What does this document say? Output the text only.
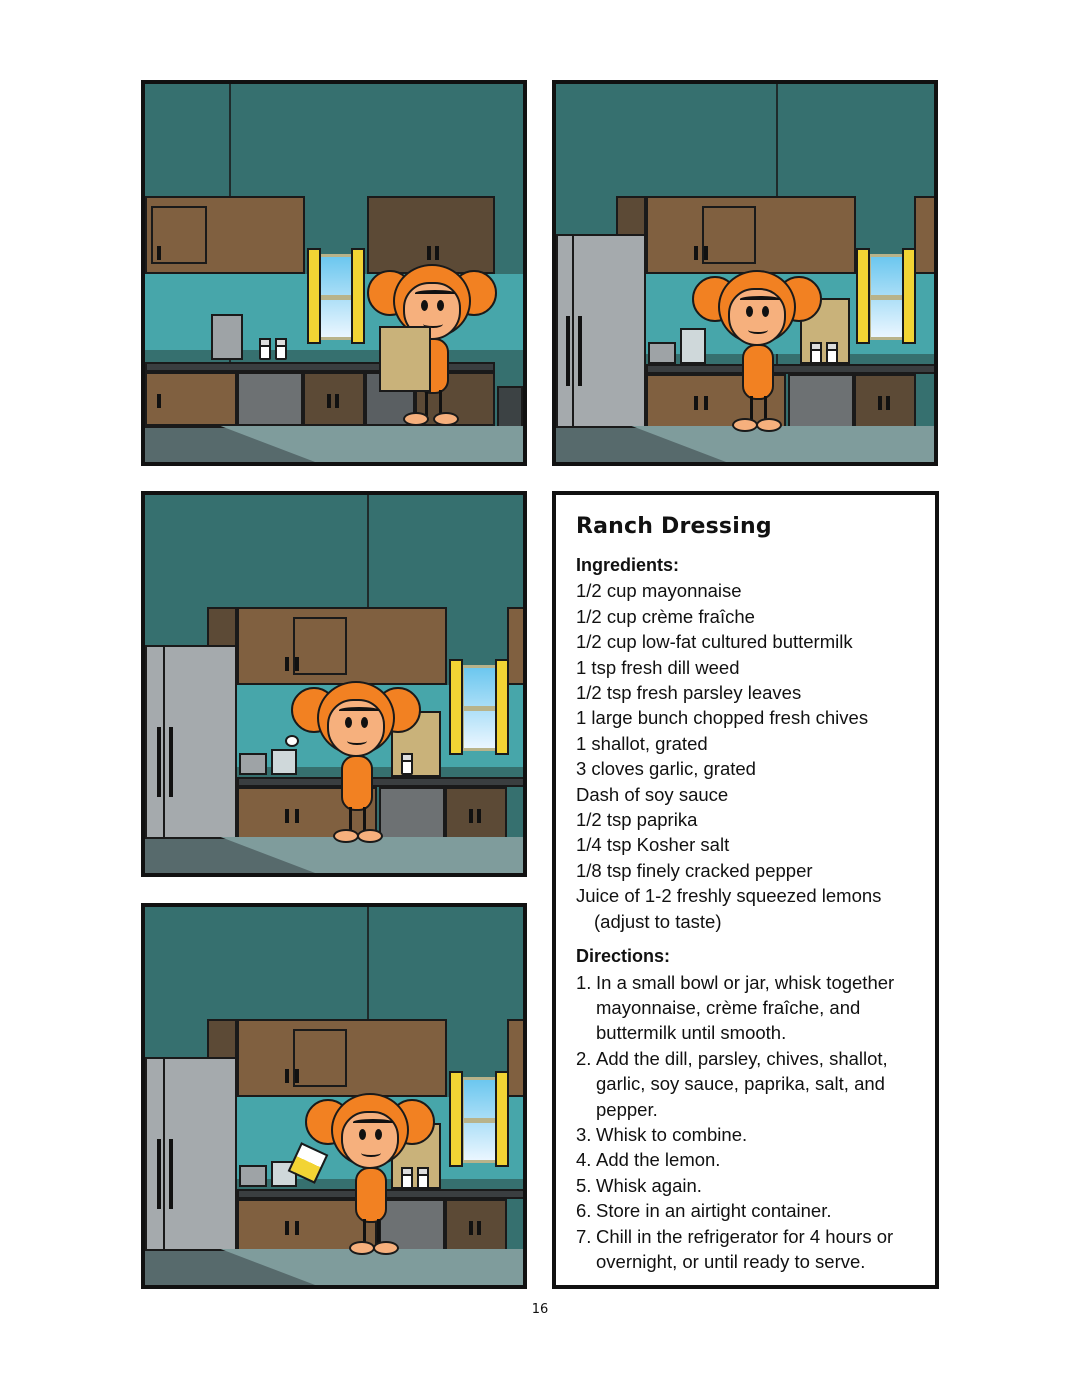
Ranch Dressing
Ingredients:
1/2 cup mayonnaise
1/2 cup crème fraîche
1/2 cup low-fat cultured buttermilk
1 tsp fresh dill weed
1/2 tsp fresh parsley leaves
1 large bunch chopped fresh chives
1 shallot, grated
3 cloves garlic, grated
Dash of soy sauce
1/2 tsp paprika
1/4 tsp Kosher salt
1/8 tsp finely cracked pepper
Juice of 1-2 freshly squeezed lemons
(adjust to taste)
Directions:
1. In a small bowl or jar, whisk together mayonnaise, crème fraîche, and buttermilk until smooth.
2. Add the dill, parsley, chives, shallot, garlic, soy sauce, paprika, salt, and pepper.
3. Whisk to combine.
4. Add the lemon.
5. Whisk again.
6. Store in an airtight container.
7. Chill in the refrigerator for 4 hours or overnight, or until ready to serve.
16
